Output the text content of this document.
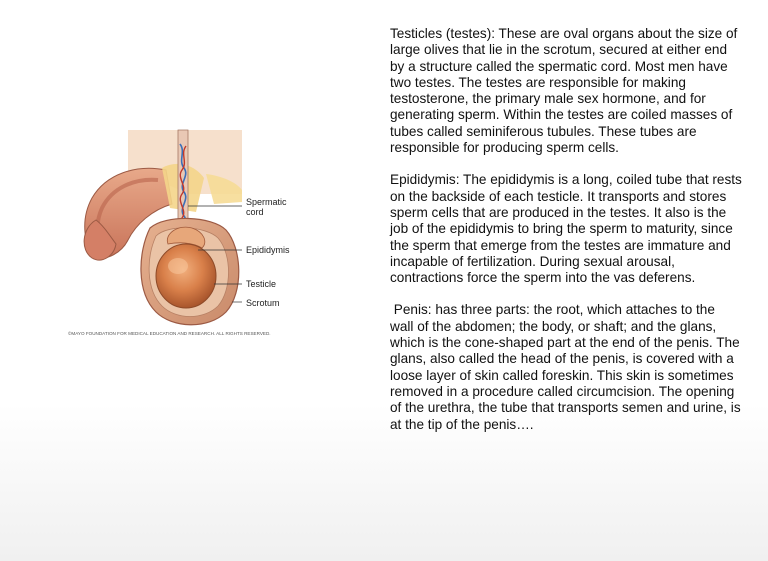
Spermatic
cord
Epididymis
Testicle
Scrotum
©MAYO FOUNDATION FOR MEDICAL EDUCATION AND RESEARCH. ALL RIGHTS RESERVED.

Testicles (testes): These are oval organs about the size of large olives that lie in the scrotum, secured at either end by a structure called the spermatic cord. Most men have two testes. The testes are responsible for making testosterone, the primary male sex hormone, and for generating sperm. Within the testes are coiled masses of tubes called seminiferous tubules. These tubes are responsible for producing sperm cells.

Epididymis: The epididymis is a long, coiled tube that rests on the backside of each testicle. It transports and stores sperm cells that are produced in the testes. It also is the job of the epididymis to bring the sperm to maturity, since the sperm that emerge from the testes are immature and incapable of fertilization. During sexual arousal, contractions force the sperm into the vas deferens.

Penis: has three parts: the root, which attaches to the wall of the abdomen; the body, or shaft; and the glans, which is the cone-shaped part at the end of the penis. The glans, also called the head of the penis, is covered with a loose layer of skin called foreskin. This skin is sometimes removed in a procedure called circumcision. The opening of the urethra, the tube that transports semen and urine, is at the tip of the penis….
